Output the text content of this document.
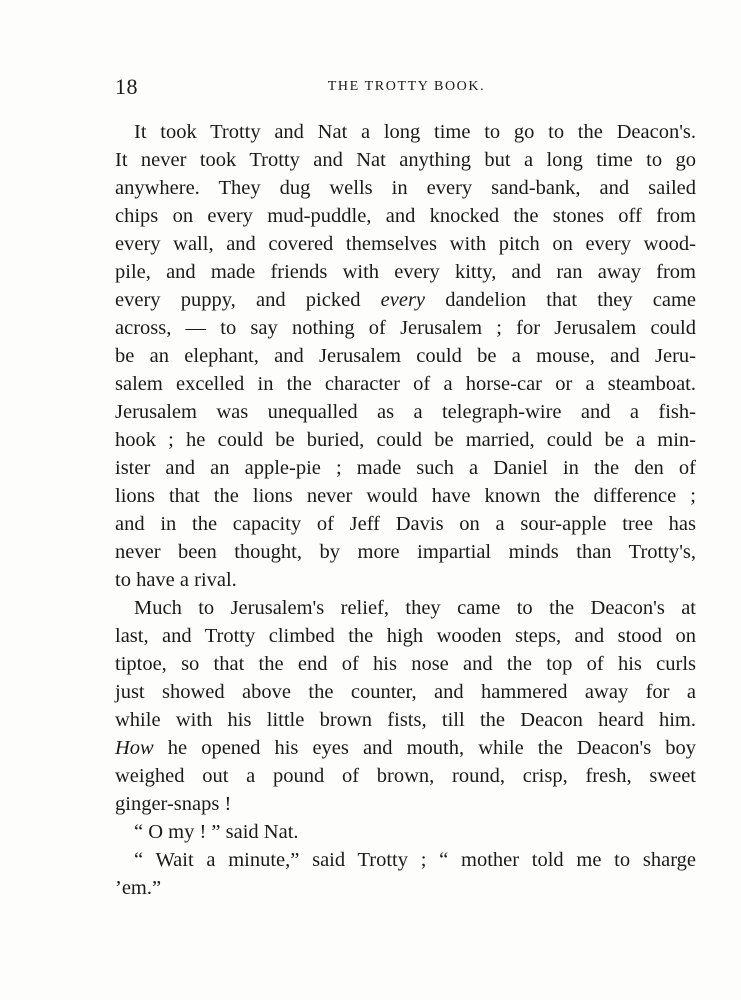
18	THE TROTTY BOOK.
It took Trotty and Nat a long time to go to the Deacon's.
It never took Trotty and Nat anything but a long time to go
anywhere. They dug wells in every sand-bank, and sailed
chips on every mud-puddle, and knocked the stones off from
every wall, and covered themselves with pitch on every wood-
pile, and made friends with every kitty, and ran away from
every puppy, and picked every dandelion that they came
across, — to say nothing of Jerusalem ; for Jerusalem could
be an elephant, and Jerusalem could be a mouse, and Jeru-
salem excelled in the character of a horse-car or a steamboat.
Jerusalem was unequalled as a telegraph-wire and a fish-
hook ; he could be buried, could be married, could be a min-
ister and an apple-pie ; made such a Daniel in the den of
lions that the lions never would have known the difference ;
and in the capacity of Jeff Davis on a sour-apple tree has
never been thought, by more impartial minds than Trotty's,
to have a rival.
Much to Jerusalem's relief, they came to the Deacon's at
last, and Trotty climbed the high wooden steps, and stood on
tiptoe, so that the end of his nose and the top of his curls
just showed above the counter, and hammered away for a
while with his little brown fists, till the Deacon heard him.
How he opened his eyes and mouth, while the Deacon's boy
weighed out a pound of brown, round, crisp, fresh, sweet
ginger-snaps !
“ O my ! ” said Nat.
“ Wait a minute,” said Trotty ; “ mother told me to sharge
’em.”
